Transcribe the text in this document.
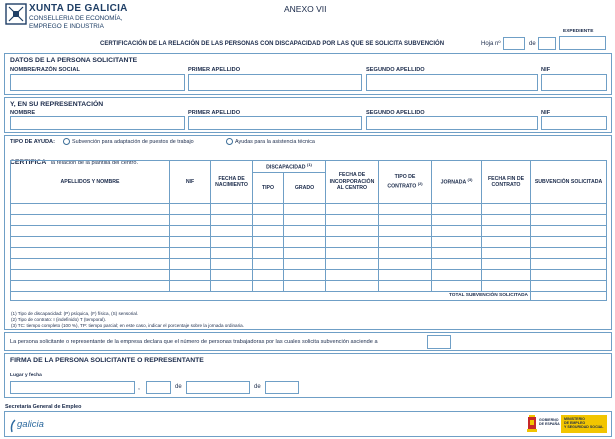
XUNTA DE GALICIA
CONSELLERIA DE ECONOMÍA,
EMPREGO E INDUSTRIA
ANEXO VII
CERTIFICACIÓN DE LA RELACIÓN DE LAS PERSONAS CON DISCAPACIDAD POR LAS QUE SE SOLICITA SUBVENCIÓN
EXPEDIENTE
Hoja nº	de
DATOS DE LA PERSONA SOLICITANTE
NOMBRE/RAZÓN SOCIAL	PRIMER APELLIDO	SEGUNDO APELLIDO	NIF
Y, EN SU REPRESENTACIÓN
NOMBRE	PRIMER APELLIDO	SEGUNDO APELLIDO	NIF
TIPO DE AYUDA:	Subvención para adaptación de puestos de trabajo	Ayudas para la asistencia técnica
CERTIFICA la relación de la plantilla del centro.
APELLIDOS Y NOMBRE	NIF	FECHA DE NACIMIENTO	DISCAPACIDAD $^{(1)}$		FECHA DE INCORPORACIÓN AL CENTRO	TIPO DE CONTRATO $^{(2)}$	JORNADA $^{(3)}$	FECHA FIN DE CONTRATO	SUBVENCIÓN SOLICITADA
			TIPO	GRADO					

TOTAL SUBVENCIÓN SOLICITADA									
(1) Tipo de discapacidad: (P) psíquica, (F) física, (S) sensorial.
(2) Tipo de contrato: I (indefinido) T (temporal).
(3) TC: tiempo completo (100 %), TP: tiempo parcial; en este caso, indicar el porcentaje sobre la jornada ordinaria.
La persona solicitante o representante de la empresa declara que el número de personas trabajadoras por las cuales solicita subvención asciende a
FIRMA DE LA PERSONA SOLICITANTE O REPRESENTANTE
Lugar y fecha
,	de	de
Secretaría General de Empleo
galicia	GOBIERNO
DE ESPAÑA
MINISTERIO
DE EMPLEO
Y SEGURIDAD SOCIAL
